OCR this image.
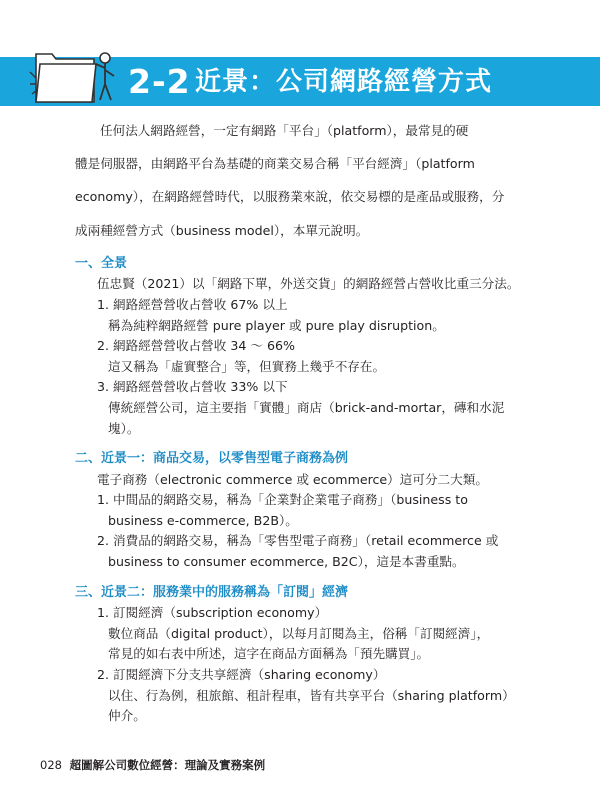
2-2 近景：公司網路經營方式

任何法人網路經營，一定有網路「平台」（platform），最常見的硬

體是伺服器，由網路平台為基礎的商業交易合稱「平台經濟」（platform

economy），在網路經營時代，以服務業來說，依交易標的是產品或服務，分

成兩種經營方式（business model），本單元說明。

一、全景

伍忠賢（2021）以「網路下單，外送交貨」的網路經營占營收比重三分法。

1. 網路經營營收占營收 67% 以上

稱為純粹網路經營 pure player 或 pure play disruption。

2. 網路經營營收占營收 34 ～ 66%

這又稱為「虛實整合」等，但實務上幾乎不存在。

3. 網路經營營收占營收 33% 以下

傳統經營公司，這主要指「實體」商店（brick-and-mortar，磚和水泥

塊）。

二、近景一：商品交易，以零售型電子商務為例

電子商務（electronic commerce 或 ecommerce）這可分二大類。

1. 中間品的網路交易，稱為「企業對企業電子商務」（business to

business e-commerce, B2B）。

2. 消費品的網路交易，稱為「零售型電子商務」（retail ecommerce 或

business to consumer ecommerce, B2C），這是本書重點。

三、近景二：服務業中的服務稱為「訂閱」經濟

1. 訂閱經濟（subscription economy）

數位商品（digital product），以每月訂閱為主，俗稱「訂閱經濟」，

常見的如右表中所述，這字在商品方面稱為「預先購買」。

2. 訂閱經濟下分支共享經濟（sharing economy）

以住、行為例，租旅館、租計程車，皆有共享平台（sharing platform）

仲介。

028 超圖解公司數位經營：理論及實務案例
